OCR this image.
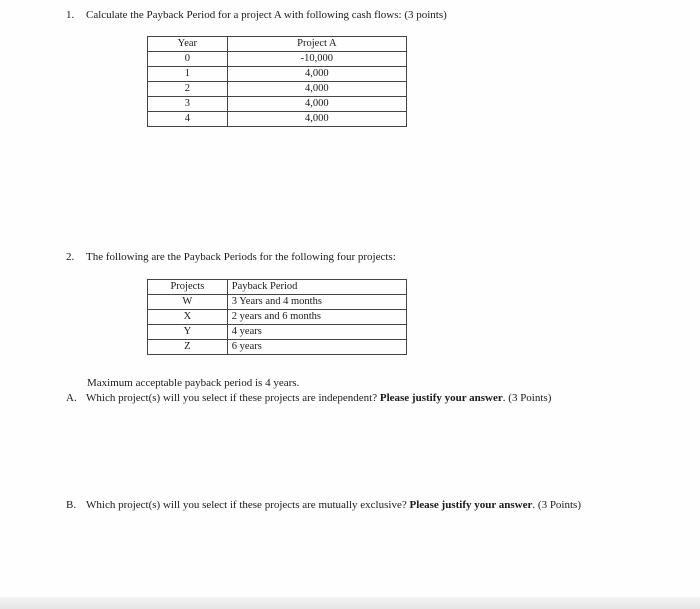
1. Calculate the Payback Period for a project A with following cash flows: (3 points)
Year	Project A
0	-10,000
1	4,000
2	4,000
3	4,000
4	4,000
2. The following are the Payback Periods for the following four projects:
Projects	Payback Period
W	3 Years and 4 months
X	2 years and 6 months
Y	4 years
Z	6 years
Maximum acceptable payback period is 4 years.
A. Which project(s) will you select if these projects are independent? Please justify your answer. (3 Points)
B. Which project(s) will you select if these projects are mutually exclusive? Please justify your answer. (3 Points)
